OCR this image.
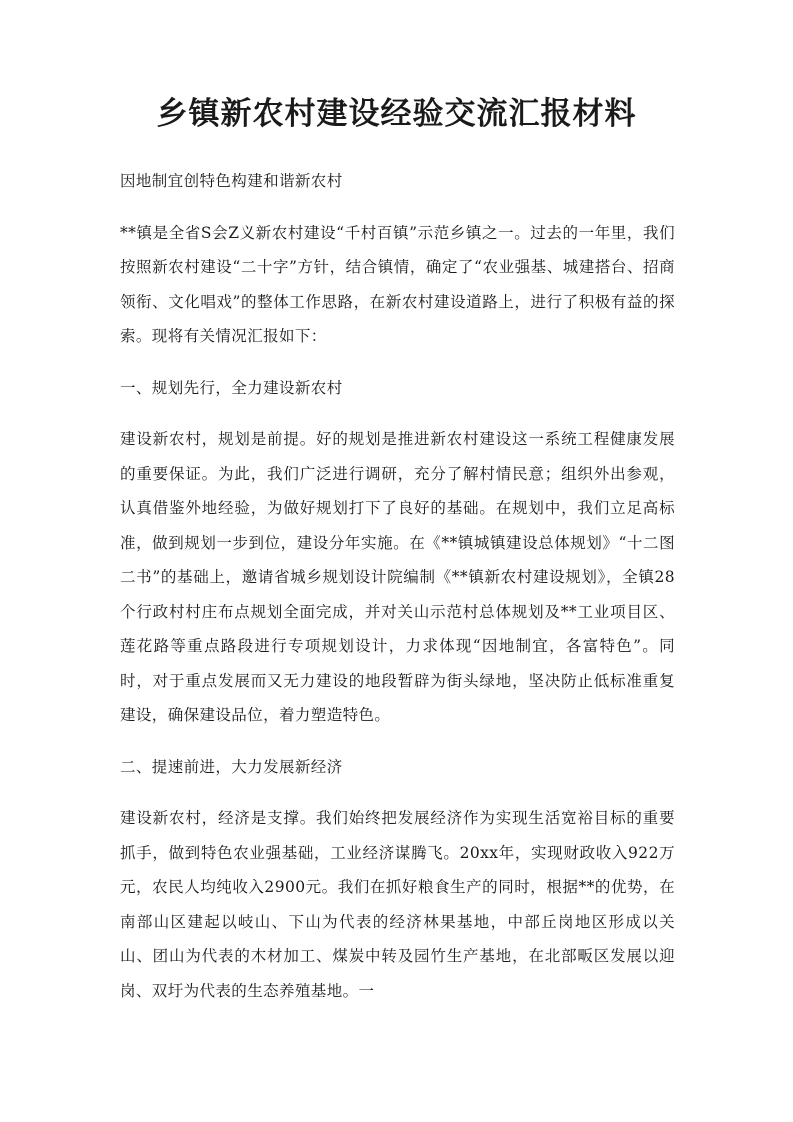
乡镇新农村建设经验交流汇报材料

因地制宜创特色构建和谐新农村

**镇是全省S会Z义新农村建设“千村百镇”示范乡镇之一。过去的一年里，我们按照新农村建设“二十字”方针，结合镇情，确定了“农业强基、城建搭台、招商领衔、文化唱戏”的整体工作思路，在新农村建设道路上，进行了积极有益的探索。现将有关情况汇报如下：

一、规划先行，全力建设新农村

建设新农村，规划是前提。好的规划是推进新农村建设这一系统工程健康发展的重要保证。为此，我们广泛进行调研，充分了解村情民意；组织外出参观，认真借鉴外地经验，为做好规划打下了良好的基础。在规划中，我们立足高标准，做到规划一步到位，建设分年实施。在《**镇城镇建设总体规划》“十二图二书”的基础上，邀请省城乡规划设计院编制《**镇新农村建设规划》，全镇28个行政村村庄布点规划全面完成，并对关山示范村总体规划及**工业项目区、莲花路等重点路段进行专项规划设计，力求体现“因地制宜，各富特色”。同时，对于重点发展而又无力建设的地段暂辟为街头绿地，坚决防止低标准重复建设，确保建设品位，着力塑造特色。

二、提速前进，大力发展新经济

建设新农村，经济是支撑。我们始终把发展经济作为实现生活宽裕目标的重要抓手，做到特色农业强基础，工业经济谋腾飞。20xx年，实现财政收入922万元，农民人均纯收入2900元。我们在抓好粮食生产的同时，根据**的优势，在南部山区建起以岐山、下山为代表的经济林果基地，中部丘岗地区形成以关山、团山为代表的木材加工、煤炭中转及园竹生产基地，在北部畈区发展以迎岗、双圩为代表的生态养殖基地。一
